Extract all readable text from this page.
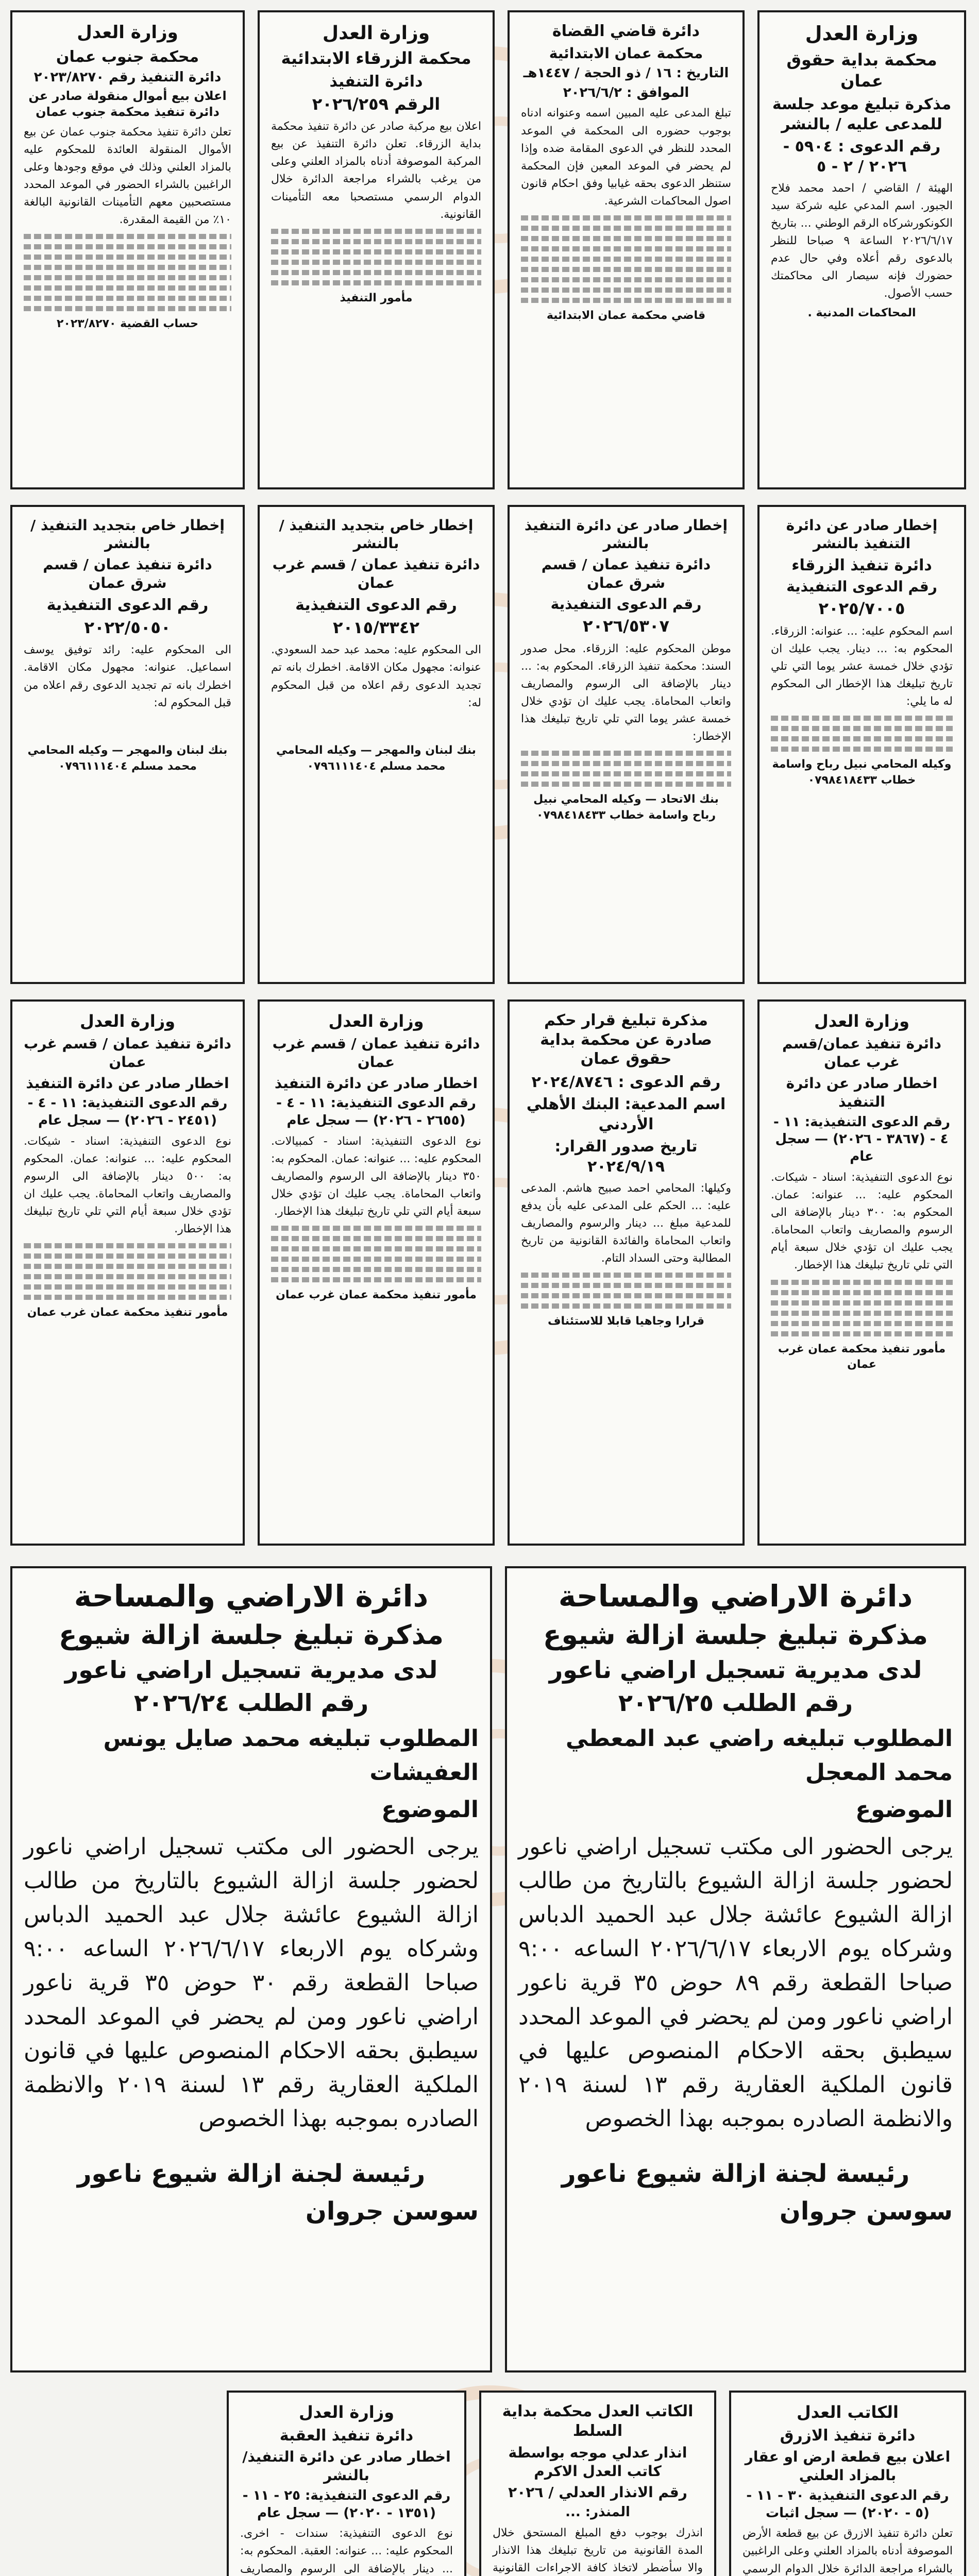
وزارة العدل
محكمة بداية حقوق عمان
مذكرة تبليغ موعد جلسة للمدعى عليه / بالنشر
رقم الدعوى : ٥٩٠٤ - ٢٠٢٦ / ٢ - ٥
الهيئة / القاضي / احمد محمد فلاح الجبور. اسم المدعي عليه شركة سيد الكونكورشركاه الرقم الوطني ... بتاريخ ٢٠٢٦/٦/١٧ الساعة ٩ صباحا للنظر بالدعوى رقم أعلاه وفي حال عدم حضورك فإنه سيصار الى محاكمتك حسب الأصول.
المحاكمات المدنية .
دائرة قاضي القضاة
محكمة عمان الابتدائية
التاريخ : ١٦ / ذو الحجة / ١٤٤٧هـ
الموافق : ٢٠٢٦/٦/٢
تبلغ المدعى عليه المبين اسمه وعنوانه ادناه بوجوب حضوره الى المحكمة في الموعد المحدد للنظر في الدعوى المقامة ضده وإذا لم يحضر في الموعد المعين فإن المحكمة ستنظر الدعوى بحقه غيابيا وفق احكام قانون اصول المحاكمات الشرعية.
قاضي محكمة عمان الابتدائية
وزارة العدل
محكمة الزرقاء الابتدائية
دائرة التنفيذ
الرقم ٢٠٢٦/٢٥٩
اعلان بيع مركبة صادر عن دائرة تنفيذ محكمة بداية الزرقاء. تعلن دائرة التنفيذ عن بيع المركبة الموصوفة أدناه بالمزاد العلني وعلى من يرغب بالشراء مراجعة الدائرة خلال الدوام الرسمي مستصحبا معه التأمينات القانونية.
مأمور التنفيذ
وزارة العدل
محكمة جنوب عمان
دائرة التنفيذ رقم ٢٠٢٣/٨٢٧٠
اعلان بيع أموال منقولة صادر عن دائرة تنفيذ محكمة جنوب عمان
تعلن دائرة تنفيذ محكمة جنوب عمان عن بيع الأموال المنقولة العائدة للمحكوم عليه بالمزاد العلني وذلك في موقع وجودها وعلى الراغبين بالشراء الحضور في الموعد المحدد مستصحبين معهم التأمينات القانونية البالغة ١٠٪ من القيمة المقدرة.
حساب القضية ٢٠٢٣/٨٢٧٠
إخطار صادر عن دائرة التنفيذ بالنشر
دائرة تنفيذ الزرقاء
رقم الدعوى التنفيذية
٢٠٢٥/٧٠٠٥
اسم المحكوم عليه: ... عنوانه: الزرقاء. المحكوم به: ... دينار. يجب عليك ان تؤدي خلال خمسة عشر يوما التي تلي تاريخ تبليغك هذا الإخطار الى المحكوم له ما يلي:
وكيله المحامي نبيل رباح واسامة خطاب ٠٧٩٨٤١٨٤٣٣
إخطار صادر عن دائرة التنفيذ بالنشر
دائرة تنفيذ عمان / قسم شرق عمان
رقم الدعوى التنفيذية
٢٠٢٦/٥٣٠٧
موطن المحكوم عليه: الزرقاء. محل صدور السند: محكمة تنفيذ الزرقاء. المحكوم به: ... دينار بالإضافة الى الرسوم والمصاريف واتعاب المحاماة. يجب عليك ان تؤدي خلال خمسة عشر يوما التي تلي تاريخ تبليغك هذا الإخطار:
بنك الاتحاد — وكيله المحامي نبيل رباح واسامة خطاب ٠٧٩٨٤١٨٤٣٣
إخطار خاص بتجديد التنفيذ / بالنشر
دائرة تنفيذ عمان / قسم غرب عمان
رقم الدعوى التنفيذية
٢٠١٥/٣٣٤٢
الى المحكوم عليه: محمد عبد حمد السعودي. عنوانه: مجهول مكان الاقامة. اخطرك بانه تم تجديد الدعوى رقم اعلاه من قبل المحكوم له:
بنك لبنان والمهجر — وكيله المحامي محمد مسلم ٠٧٩٦١١١٤٠٤
إخطار خاص بتجديد التنفيذ / بالنشر
دائرة تنفيذ عمان / قسم شرق عمان
رقم الدعوى التنفيذية
٢٠٢٢/٥٠٥٠
الى المحكوم عليه: رائد توفيق يوسف اسماعيل. عنوانه: مجهول مكان الاقامة. اخطرك بانه تم تجديد الدعوى رقم اعلاه من قبل المحكوم له:
بنك لبنان والمهجر — وكيله المحامي محمد مسلم ٠٧٩٦١١١٤٠٤
وزارة العدل
دائرة تنفيذ عمان/قسم غرب عمان
اخطار صادر عن دائرة التنفيذ
رقم الدعوى التنفيذية: ١١ - ٤ - (٣٨٦٧ - ٢٠٢٦) — سجل عام
نوع الدعوى التنفيذية: اسناد - شيكات. المحكوم عليه: ... عنوانه: عمان. المحكوم به: ٣٠٠ دينار بالإضافة الى الرسوم والمصاريف واتعاب المحاماة. يجب عليك ان تؤدي خلال سبعة أيام التي تلي تاريخ تبليغك هذا الإخطار.
مأمور تنفيذ محكمة عمان غرب عمان
مذكرة تبليغ قرار حكم صادرة عن محكمة بداية حقوق عمان
رقم الدعوى : ٢٠٢٤/٨٧٤٦
اسم المدعية: البنك الأهلي الأردني
تاريخ صدور القرار: ٢٠٢٤/٩/١٩
وكيلها: المحامي احمد صبيح هاشم. المدعى عليه: ... الحكم على المدعى عليه بأن يدفع للمدعية مبلغ ... دينار والرسوم والمصاريف واتعاب المحاماة والفائدة القانونية من تاريخ المطالبة وحتى السداد التام.
قرارا وجاهيا قابلا للاستئناف
وزارة العدل
دائرة تنفيذ عمان / قسم غرب عمان
اخطار صادر عن دائرة التنفيذ
رقم الدعوى التنفيذية: ١١ - ٤ - (٢٦٥٥ - ٢٠٢٦) — سجل عام
نوع الدعوى التنفيذية: اسناد - كمبيالات. المحكوم عليه: ... عنوانه: عمان. المحكوم به: ٣٥٠ دينار بالإضافة الى الرسوم والمصاريف واتعاب المحاماة. يجب عليك ان تؤدي خلال سبعة أيام التي تلي تاريخ تبليغك هذا الإخطار.
مأمور تنفيذ محكمة عمان غرب عمان
وزارة العدل
دائرة تنفيذ عمان / قسم غرب عمان
اخطار صادر عن دائرة التنفيذ
رقم الدعوى التنفيذية: ١١ - ٤ - (٢٤٥١ - ٢٠٢٦) — سجل عام
نوع الدعوى التنفيذية: اسناد - شيكات. المحكوم عليه: ... عنوانه: عمان. المحكوم به: ٥٠٠ دينار بالإضافة الى الرسوم والمصاريف واتعاب المحاماة. يجب عليك ان تؤدي خلال سبعة أيام التي تلي تاريخ تبليغك هذا الإخطار.
مأمور تنفيذ محكمة عمان غرب عمان
دائرة الاراضي والمساحة
مذكرة تبليغ جلسة ازالة شيوع
لدى مديرية تسجيل اراضي ناعور
رقم الطلب ٢٠٢٦/٢٥
المطلوب تبليغه راضي عبد المعطي محمد المعجل
الموضوع
يرجى الحضور الى مكتب تسجيل اراضي ناعور لحضور جلسة ازالة الشيوع بالتاريخ من طالب ازالة الشيوع عائشة جلال عبد الحميد الدباس وشركاه يوم الاربعاء ٢٠٢٦/٦/١٧ الساعه ٩:٠٠ صباحا القطعة رقم ٨٩ حوض ٣٥ قرية ناعور اراضي ناعور ومن لم يحضر في الموعد المحدد سيطبق بحقه الاحكام المنصوص عليها في قانون الملكية العقارية رقم ١٣ لسنة ٢٠١٩ والانظمة الصادره بموجبه بهذا الخصوص
رئيسة لجنة ازالة شيوع ناعور
سوسن جروان
دائرة الاراضي والمساحة
مذكرة تبليغ جلسة ازالة شيوع
لدى مديرية تسجيل اراضي ناعور
رقم الطلب ٢٠٢٦/٢٤
المطلوب تبليغه محمد صايل يونس العفيشات
الموضوع
يرجى الحضور الى مكتب تسجيل اراضي ناعور لحضور جلسة ازالة الشيوع بالتاريخ من طالب ازالة الشيوع عائشة جلال عبد الحميد الدباس وشركاه يوم الاربعاء ٢٠٢٦/٦/١٧ الساعه ٩:٠٠ صباحا القطعة رقم ٣٠ حوض ٣٥ قرية ناعور اراضي ناعور ومن لم يحضر في الموعد المحدد سيطبق بحقه الاحكام المنصوص عليها في قانون الملكية العقارية رقم ١٣ لسنة ٢٠١٩ والانظمة الصادره بموجبه بهذا الخصوص
رئيسة لجنة ازالة شيوع ناعور
سوسن جروان
الكاتب العدل
دائرة تنفيذ الازرق
اعلان بيع قطعة ارض او عقار بالمزاد العلني
رقم الدعوى التنفيذية ٣٠ - ١١ - (٥ - ٢٠٢٠) — سجل اثبات
تعلن دائرة تنفيذ الازرق عن بيع قطعة الأرض الموصوفة أدناه بالمزاد العلني وعلى الراغبين بالشراء مراجعة الدائرة خلال الدوام الرسمي
الكاتب العدل محكمة بداية السلط
انذار عدلي موجه بواسطة كاتب العدل الاكرم
رقم الانذار العدلي / ٢٠٢٦
المنذر: ...
انذرك بوجوب دفع المبلغ المستحق خلال المدة القانونية من تاريخ تبليغك هذا الانذار والا سأضطر لاتخاذ كافة الاجراءات القانونية
وزارة العدل
دائرة تنفيذ العقبة
اخطار صادر عن دائرة التنفيذ/بالنشر
رقم الدعوى التنفيذية: ٢٥ - ١١ - (١٣٥١ - ٢٠٢٠) — سجل عام
نوع الدعوى التنفيذية: سندات - اخرى. المحكوم عليه: ... عنوانه: العقبة. المحكوم به: ... دينار بالإضافة الى الرسوم والمصاريف
